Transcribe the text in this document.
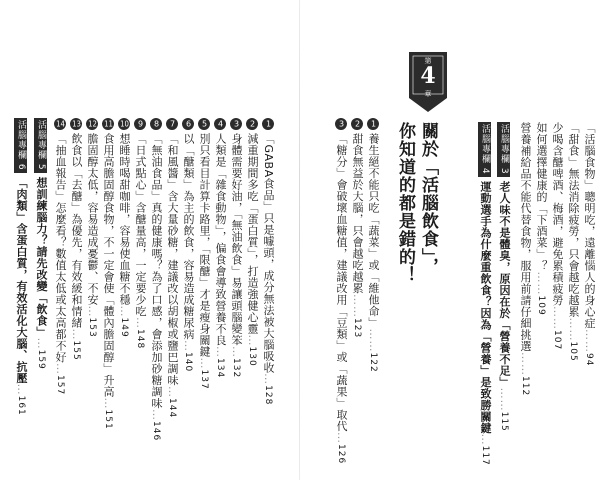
第
4
章
關於「活腦飲食」，
你知道的都是錯的！	「活腦食物」聰明吃，遠離惱人的身心症……94
「甜食」無法消除疲勞，只會越吃越累……105
少喝含醣啤酒、梅酒，避免累積疲勞……107
如何選擇健康的「下酒菜」？……109
營養補給品不能代替食物，服用前請仔細挑選……112
活腦專欄 3老人味不是體臭，原因在於「營養不足」……115
活腦專欄 4運動選手為什麼重飲食？因為「營養」是致勝關鍵…117
1養生絕不能只吃「蔬菜」或「維他命」……122
2甜食無益於大腦，只會越吃越累……123
3「糖分」會破壞血糖值，建議改用「豆類」或「蔬果」取代…126
1「GABA食品」只是噱頭，成分無法被大腦吸收…128
2減重期間多吃「蛋白質」，打造強健心靈…130
3身體需要好油，「無油飲食」易讓頭腦變笨…132
4人類是「雜食動物」，偏食會導致營養不良…134
5別只看目計算卡路里，「限醣」才是瘦身關鍵…137
6以「醣類」為主的飲食，容易造成糖尿病…140
7「和風醬」含大量砂糖，建議改以胡椒或鹽巴調味…144
8「無油食品」真的健康嗎？為了口感，會添加砂糖調味…146
9「日式點心」含醣量高，一定要少吃…148
10想睡時喝甜咖啡，容易使血糖不穩…149
11食用高膽固醇食物，不一定會使「體內膽固醇」升高…151
12膽固醇太低，容易造成憂鬱、不安…153
13飲食以「去醣」為優先，有效緩和情緒…155
14「抽血報告」怎麼看？數值太低或太高都不好…157
活腦專欄 5想訓練腦力？請先改變「飲食」…159
活腦專欄 6「肉類」含蛋白質，有效活化大腦、抗壓…161
